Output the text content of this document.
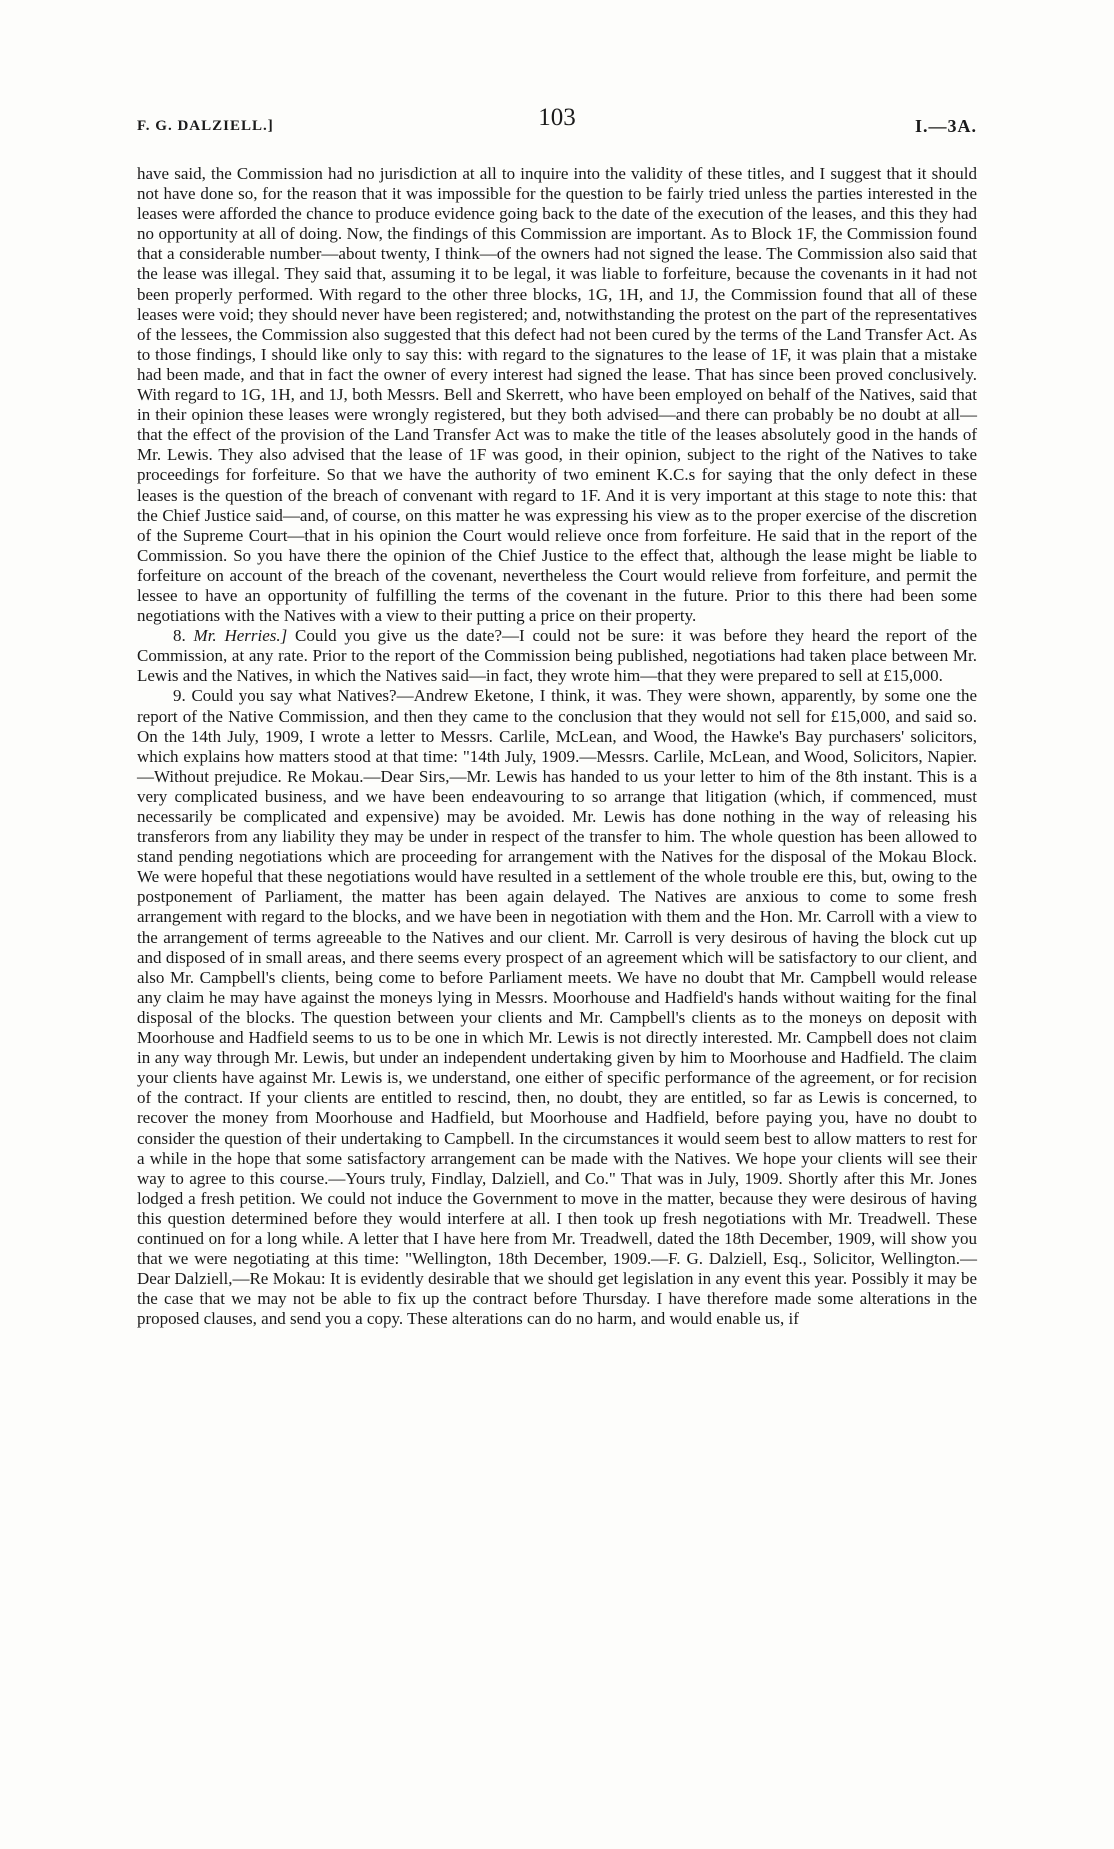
F. G. DALZIELL.]	103	I.—3A.

have said, the Commission had no jurisdiction at all to inquire into the validity of these titles, and I suggest that it should not have done so, for the reason that it was impossible for the question to be fairly tried unless the parties interested in the leases were afforded the chance to produce evidence going back to the date of the execution of the leases, and this they had no opportunity at all of doing. Now, the findings of this Commission are important. As to Block 1F, the Commission found that a considerable number—about twenty, I think—of the owners had not signed the lease. The Commission also said that the lease was illegal. They said that, assuming it to be legal, it was liable to forfeiture, because the covenants in it had not been properly performed. With regard to the other three blocks, 1G, 1H, and 1J, the Commission found that all of these leases were void; they should never have been registered; and, notwithstanding the protest on the part of the representatives of the lessees, the Commission also suggested that this defect had not been cured by the terms of the Land Transfer Act. As to those findings, I should like only to say this: with regard to the signatures to the lease of 1F, it was plain that a mistake had been made, and that in fact the owner of every interest had signed the lease. That has since been proved conclusively. With regard to 1G, 1H, and 1J, both Messrs. Bell and Skerrett, who have been employed on behalf of the Natives, said that in their opinion these leases were wrongly registered, but they both advised—and there can probably be no doubt at all—that the effect of the provision of the Land Transfer Act was to make the title of the leases absolutely good in the hands of Mr. Lewis. They also advised that the lease of 1F was good, in their opinion, subject to the right of the Natives to take proceedings for forfeiture. So that we have the authority of two eminent K.C.s for saying that the only defect in these leases is the question of the breach of convenant with regard to 1F. And it is very important at this stage to note this: that the Chief Justice said—and, of course, on this matter he was expressing his view as to the proper exercise of the discretion of the Supreme Court—that in his opinion the Court would relieve once from forfeiture. He said that in the report of the Commission. So you have there the opinion of the Chief Justice to the effect that, although the lease might be liable to forfeiture on account of the breach of the covenant, nevertheless the Court would relieve from forfeiture, and permit the lessee to have an opportunity of fulfilling the terms of the covenant in the future. Prior to this there had been some negotiations with the Natives with a view to their putting a price on their property.

8. Mr. Herries.] Could you give us the date?—I could not be sure: it was before they heard the report of the Commission, at any rate. Prior to the report of the Commission being published, negotiations had taken place between Mr. Lewis and the Natives, in which the Natives said—in fact, they wrote him—that they were prepared to sell at £15,000.

9. Could you say what Natives?—Andrew Eketone, I think, it was. They were shown, apparently, by some one the report of the Native Commission, and then they came to the conclusion that they would not sell for £15,000, and said so. On the 14th July, 1909, I wrote a letter to Messrs. Carlile, McLean, and Wood, the Hawke's Bay purchasers' solicitors, which explains how matters stood at that time: "14th July, 1909.—Messrs. Carlile, McLean, and Wood, Solicitors, Napier.—Without prejudice. Re Mokau.—Dear Sirs,—Mr. Lewis has handed to us your letter to him of the 8th instant. This is a very complicated business, and we have been endeavouring to so arrange that litigation (which, if commenced, must necessarily be complicated and expensive) may be avoided. Mr. Lewis has done nothing in the way of releasing his transferors from any liability they may be under in respect of the transfer to him. The whole question has been allowed to stand pending negotiations which are proceeding for arrangement with the Natives for the disposal of the Mokau Block. We were hopeful that these negotiations would have resulted in a settlement of the whole trouble ere this, but, owing to the postponement of Parliament, the matter has been again delayed. The Natives are anxious to come to some fresh arrangement with regard to the blocks, and we have been in negotiation with them and the Hon. Mr. Carroll with a view to the arrangement of terms agreeable to the Natives and our client. Mr. Carroll is very desirous of having the block cut up and disposed of in small areas, and there seems every prospect of an agreement which will be satisfactory to our client, and also Mr. Campbell's clients, being come to before Parliament meets. We have no doubt that Mr. Campbell would release any claim he may have against the moneys lying in Messrs. Moorhouse and Hadfield's hands without waiting for the final disposal of the blocks. The question between your clients and Mr. Campbell's clients as to the moneys on deposit with Moorhouse and Hadfield seems to us to be one in which Mr. Lewis is not directly interested. Mr. Campbell does not claim in any way through Mr. Lewis, but under an independent undertaking given by him to Moorhouse and Hadfield. The claim your clients have against Mr. Lewis is, we understand, one either of specific performance of the agreement, or for recision of the contract. If your clients are entitled to rescind, then, no doubt, they are entitled, so far as Lewis is concerned, to recover the money from Moorhouse and Hadfield, but Moorhouse and Hadfield, before paying you, have no doubt to consider the question of their undertaking to Campbell. In the circumstances it would seem best to allow matters to rest for a while in the hope that some satisfactory arrangement can be made with the Natives. We hope your clients will see their way to agree to this course.—Yours truly, Findlay, Dalziell, and Co." That was in July, 1909. Shortly after this Mr. Jones lodged a fresh petition. We could not induce the Government to move in the matter, because they were desirous of having this question determined before they would interfere at all. I then took up fresh negotiations with Mr. Treadwell. These continued on for a long while. A letter that I have here from Mr. Treadwell, dated the 18th December, 1909, will show you that we were negotiating at this time: "Wellington, 18th December, 1909.—F. G. Dalziell, Esq., Solicitor, Wellington.—Dear Dalziell,—Re Mokau: It is evidently desirable that we should get legislation in any event this year. Possibly it may be the case that we may not be able to fix up the contract before Thursday. I have therefore made some alterations in the proposed clauses, and send you a copy. These alterations can do no harm, and would enable us, if
